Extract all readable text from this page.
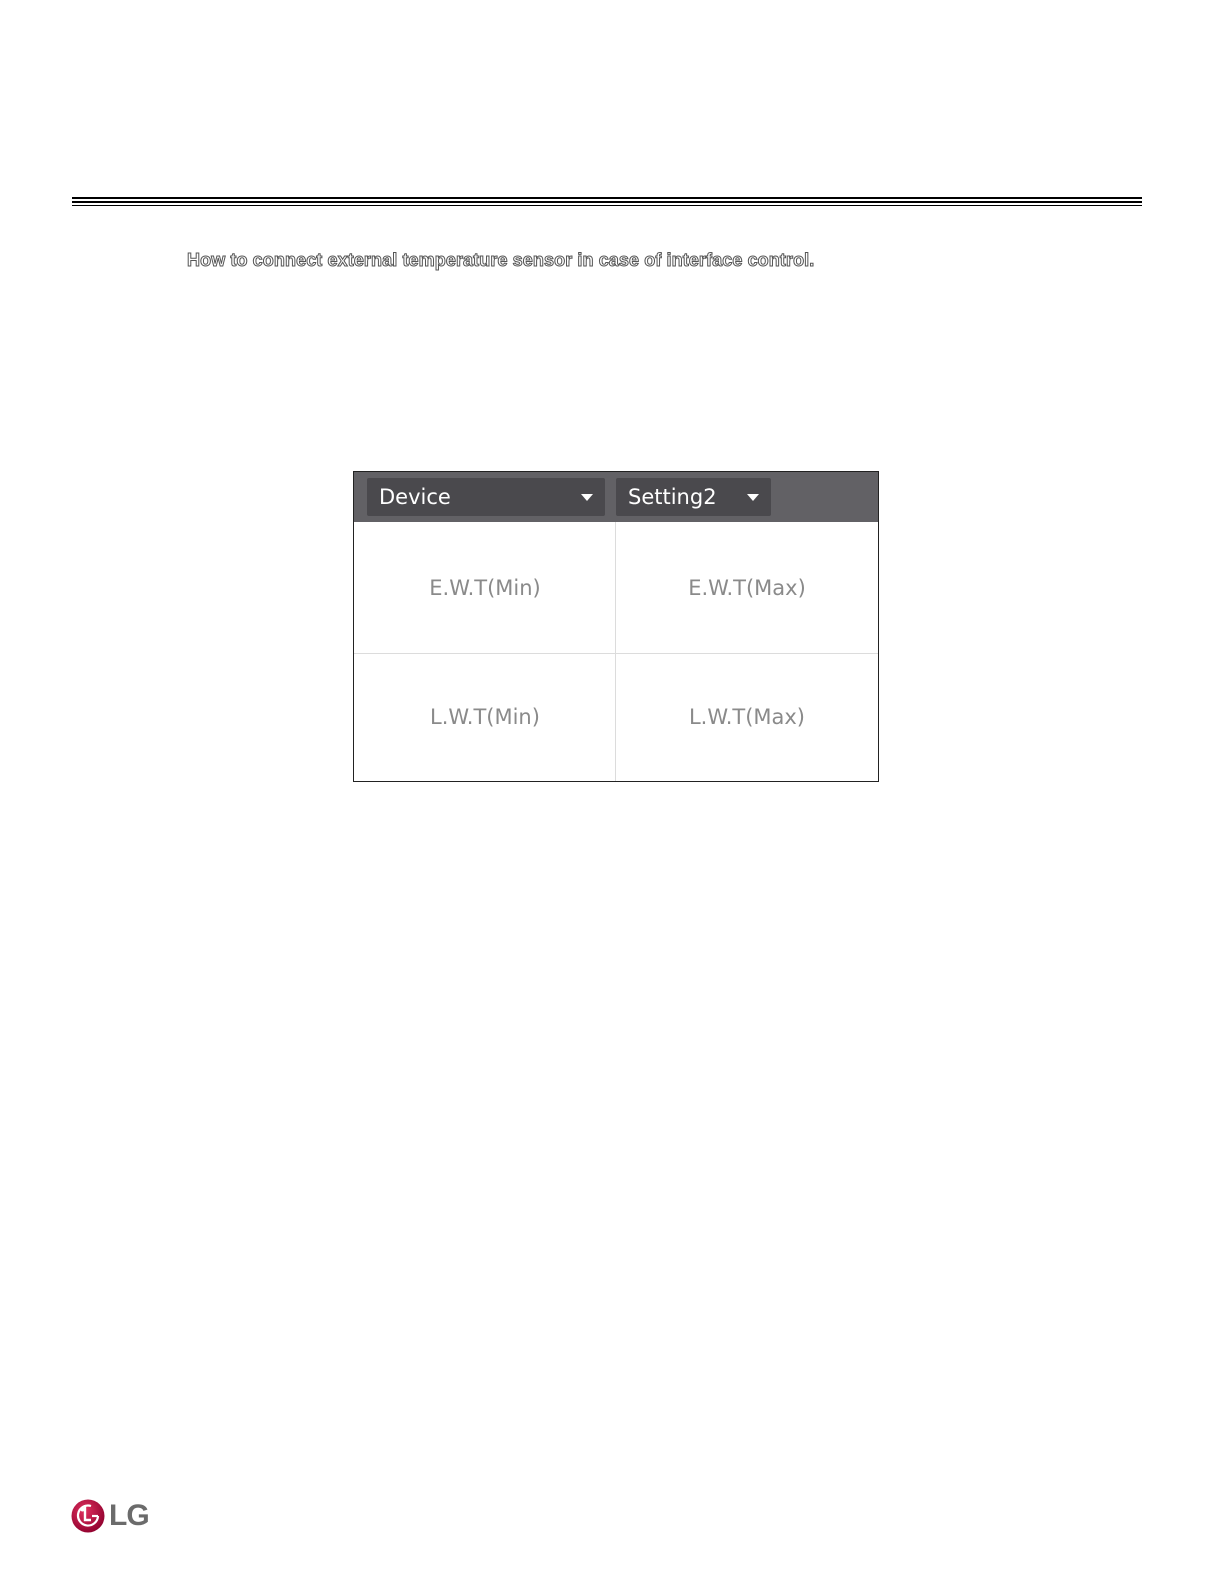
How to connect external temperature sensor in case of interface control.
Device	Setting2
E.W.T(Min)	E.W.T(Max)
L.W.T(Min)	L.W.T(Max)
LG
